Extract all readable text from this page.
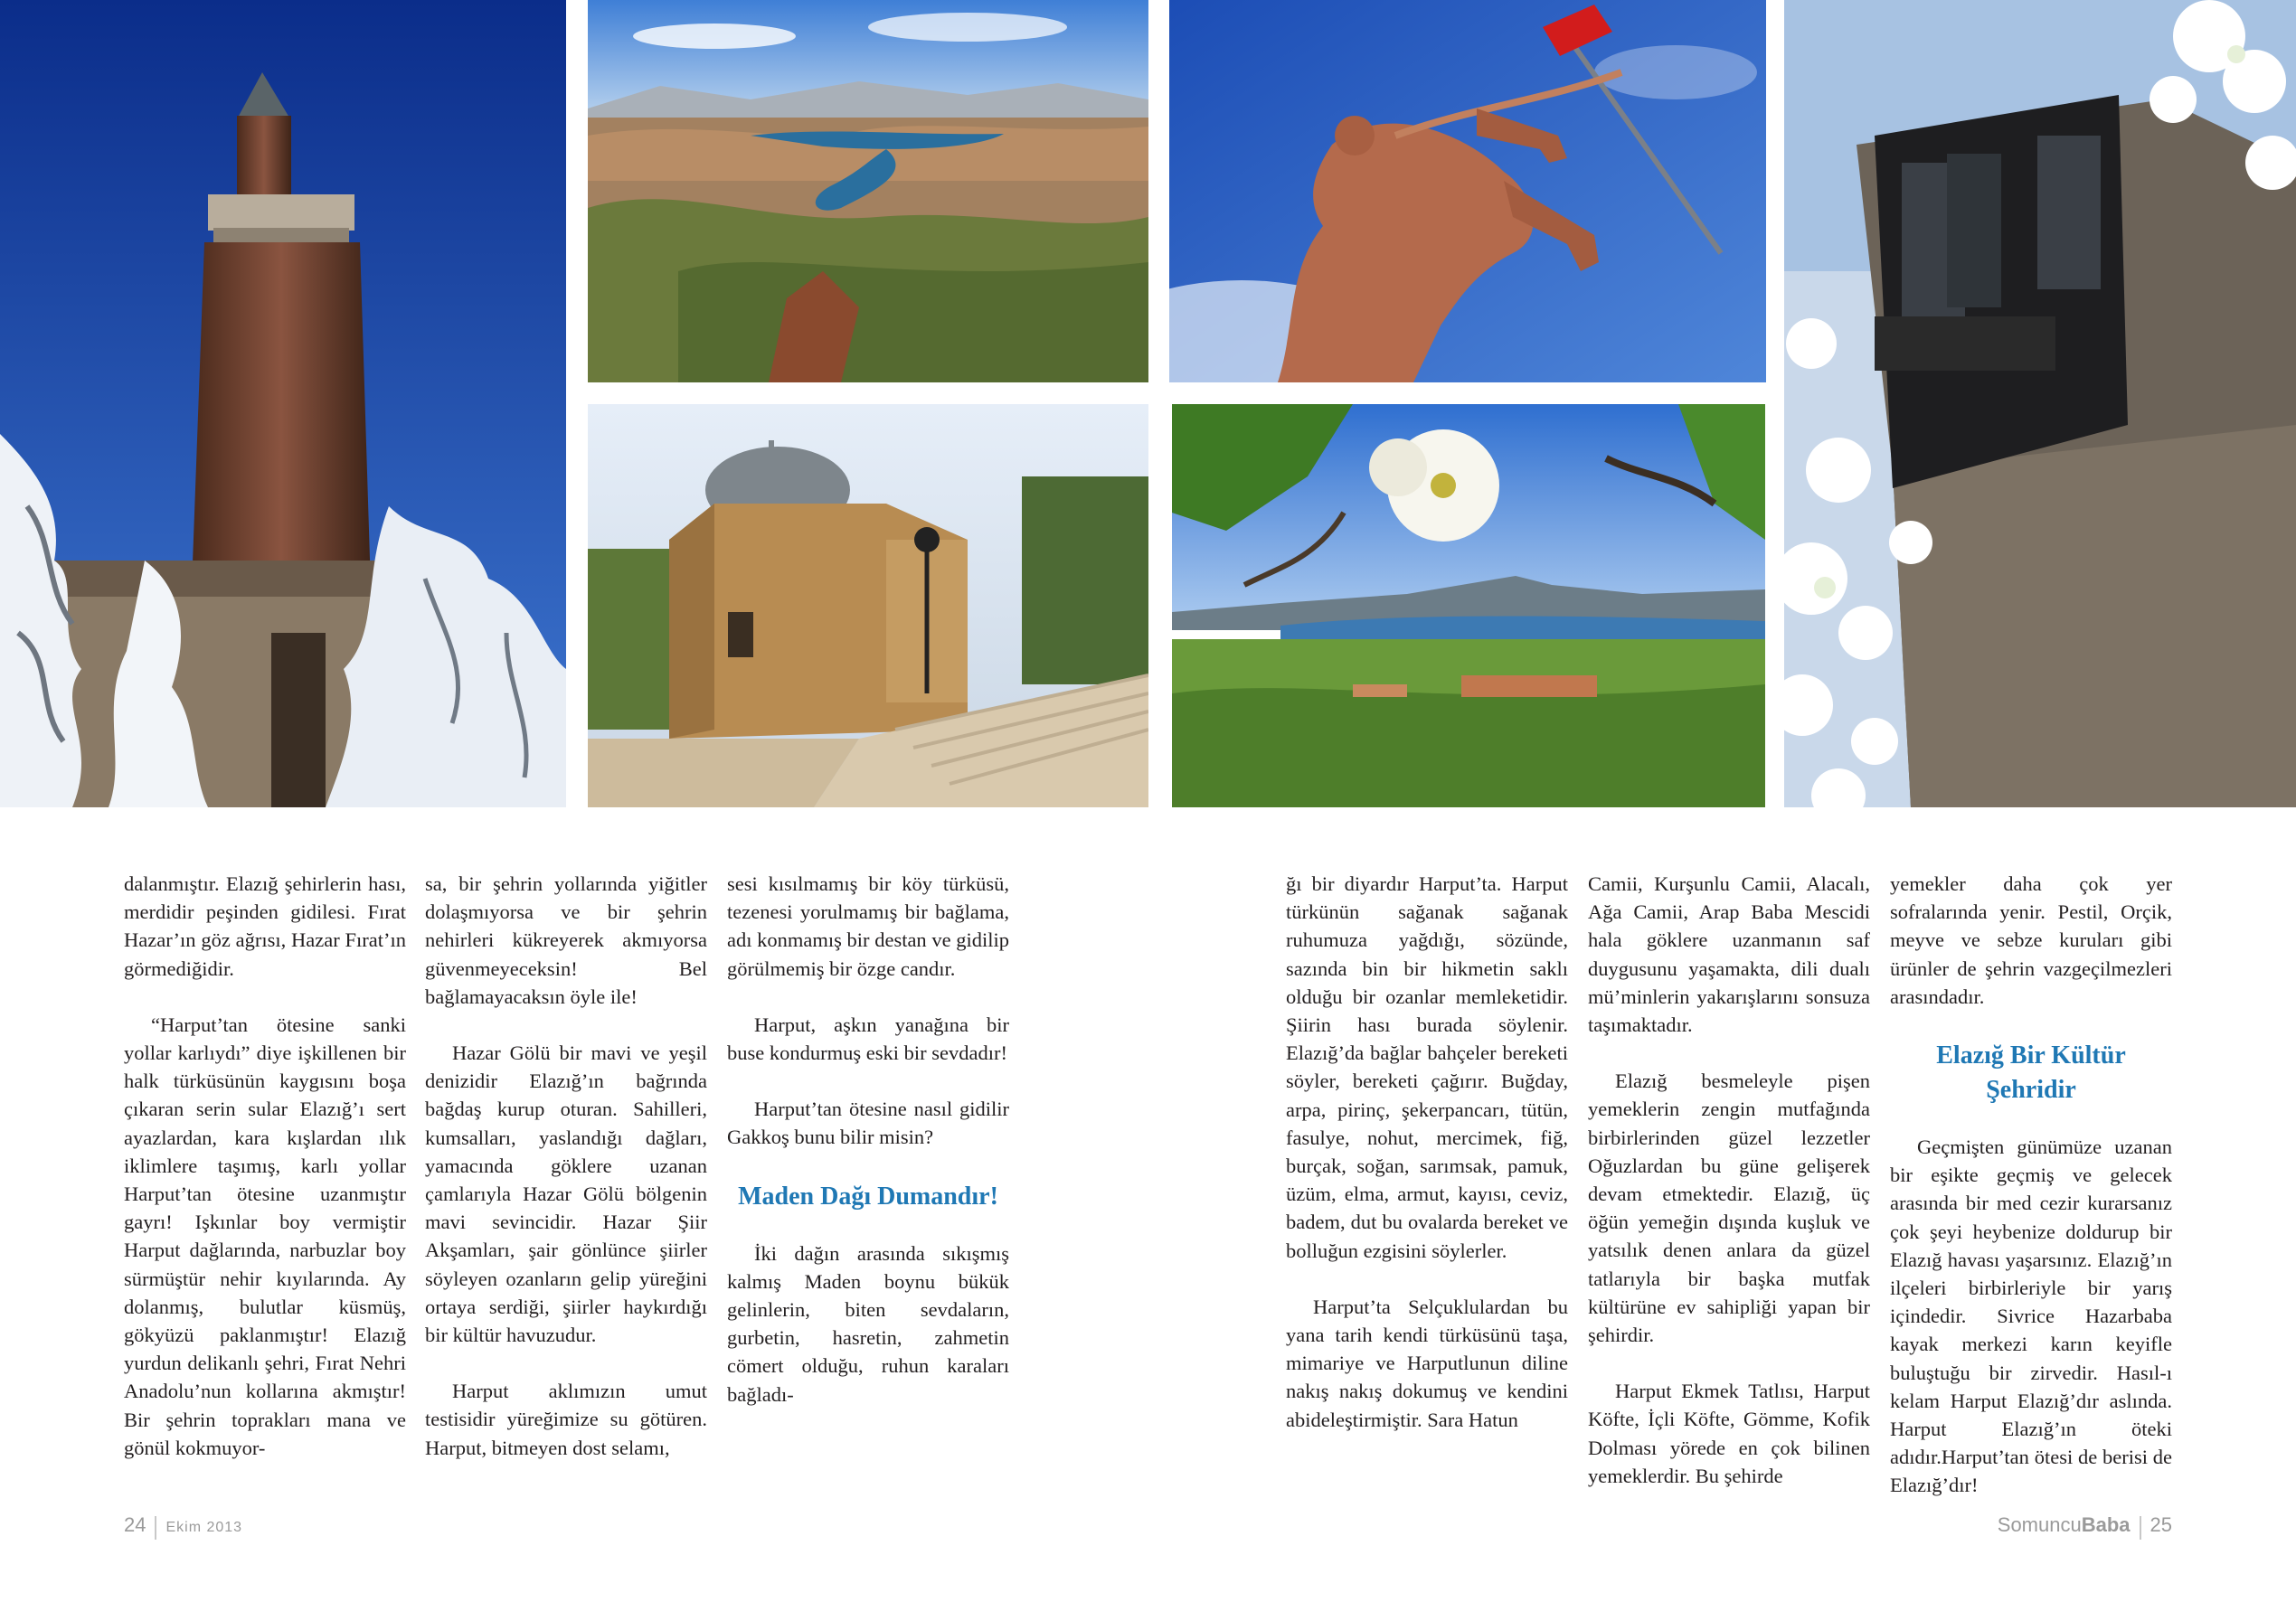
dalanmıştır. Elazığ şehirlerin hası, merdidir peşinden gidilesi. Fırat Hazar’ın göz ağrısı, Hazar Fırat’ın görmediğidir.

“Harput’tan ötesine sanki yollar karlıydı” diye işkillenen bir halk türküsünün kaygısını boşa çıkaran serin sular Elazığ’ı sert ayazlardan, kara kışlardan ılık iklimlere taşımış, karlı yollar Harput’tan ötesine uzanmıştır gayrı! Işkınlar boy vermiştir Harput dağlarında, narbuzlar boy sürmüştür nehir kıyılarında. Ay dolanmış, bulutlar küsmüş, gökyüzü paklanmıştır! Elazığ yurdun delikanlı şehri, Fırat Nehri Anadolu’nun kollarına akmıştır! Bir şehrin toprakları mana ve gönül kokmuyor-

sa, bir şehrin yollarında yiğitler dolaşmıyorsa ve bir şehrin nehirleri kükreyerek akmıyorsa güvenmeyeceksin! Bel bağlamayacaksın öyle ile!

Hazar Gölü bir mavi ve yeşil denizidir Elazığ’ın bağrında bağdaş kurup oturan. Sahilleri, kumsalları, yaslandığı dağları, yamacında göklere uzanan çamlarıyla Hazar Gölü bölgenin mavi sevincidir. Hazar Şiir Akşamları, şair gönlünce şiirler söyleyen ozanların gelip yüreğini ortaya serdiği, şiirler haykırdığı bir kültür havuzudur.

Harput aklımızın umut testisidir yüreğimize su götüren. Harput, bitmeyen dost selamı,

sesi kısılmamış bir köy türküsü, tezenesi yorulmamış bir bağlama, adı konmamış bir destan ve gidilip görülmemiş bir özge candır.

Harput, aşkın yanağına bir buse kondurmuş eski bir sevdadır!

Harput’tan ötesine nasıl gidilir Gakkoş bunu bilir misin?

Maden Dağı Dumandır!

İki dağın arasında sıkışmış kalmış Maden boynu bükük gelinlerin, biten sevdaların, gurbetin, hasretin, zahmetin cömert olduğu, ruhun karaları bağladı-

ğı bir diyardır Harput’ta. Harput türkünün sağanak sağanak ruhumuza yağdığı, sözünde, sazında bin bir hikmetin saklı olduğu bir ozanlar memleketidir. Şiirin hası burada söylenir. Elazığ’da bağlar bahçeler bereketi söyler, bereketi çağırır. Buğday, arpa, pirinç, şekerpancarı, tütün, fasulye, nohut, mercimek, fiğ, burçak, soğan, sarımsak, pamuk, üzüm, elma, armut, kayısı, ceviz, badem, dut bu ovalarda bereket ve bolluğun ezgisini söylerler.

Harput’ta Selçuklulardan bu yana tarih kendi türküsünü taşa, mimariye ve Harputlunun diline nakış nakış dokumuş ve kendini abideleştirmiştir. Sara Hatun

Camii, Kurşunlu Camii, Alacalı, Ağa Camii, Arap Baba Mescidi hala göklere uzanmanın saf duygusunu yaşamakta, dili dualı mü’minlerin yakarışlarını sonsuza taşımaktadır.

Elazığ besmeleyle pişen yemeklerin zengin mutfağında birbirlerinden güzel lezzetler Oğuzlardan bu güne gelişerek devam etmektedir. Elazığ, üç öğün yemeğin dışında kuşluk ve yatsılık denen anlara da güzel tatlarıyla bir başka mutfak kültürüne ev sahipliği yapan bir şehirdir.

Harput Ekmek Tatlısı, Harput Köfte, İçli Köfte, Gömme, Kofik Dolması yörede en çok bilinen yemeklerdir. Bu şehirde

yemekler daha çok yer sofralarında yenir. Pestil, Orçik, meyve ve sebze kuruları gibi ürünler de şehrin vazgeçilmezleri arasındadır.

Elazığ Bir Kültür Şehridir

Geçmişten günümüze uzanan bir eşikte geçmiş ve gelecek arasında bir med cezir kurarsanız çok şeyi heybenize doldurup bir Elazığ havası yaşarsınız. Elazığ’ın ilçeleri birbirleriyle bir yarış içindedir. Sivrice Hazarbaba kayak merkezi karın keyifle buluştuğu bir zirvedir. Hasıl-ı kelam Harput Elazığ’dır aslında. Harput Elazığ’ın öteki adıdır.Harput’tan ötesi de berisi de Elazığ’dır!

24 Ekim 2013	SomuncuBaba 25
